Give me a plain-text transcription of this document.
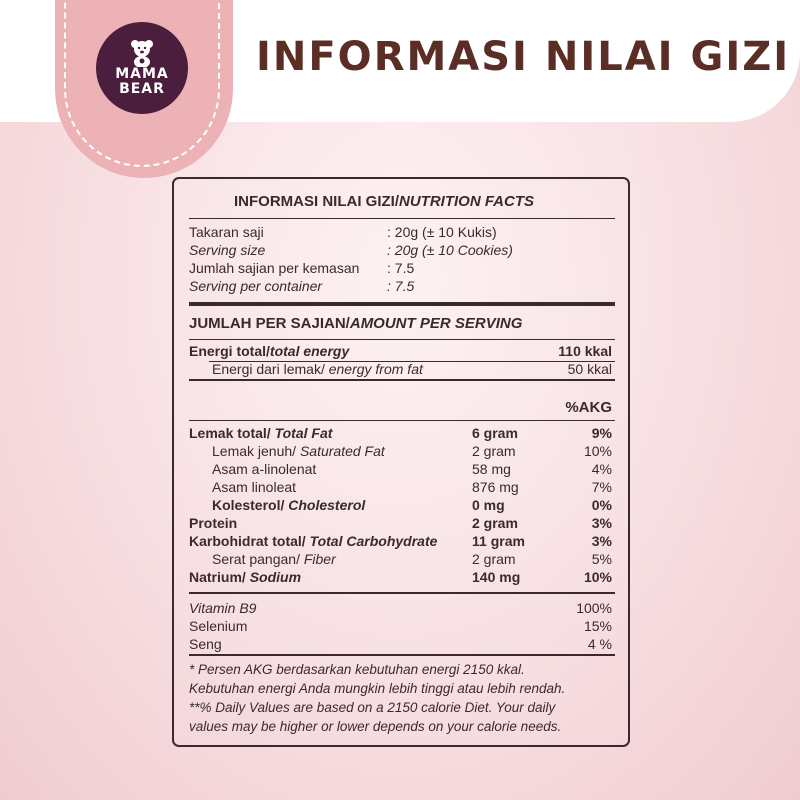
MAMA
BEAR
INFORMASI NILAI GIZI
INFORMASI NILAI GIZI/NUTRITION FACTS
JUMLAH PER SAJIAN/AMOUNT PER SERVING
Energi total/total energy	110 kkal
Energi dari lemak/ energy from fat	50 kkal
%AKG
Takaran saji	: 20g (± 10 Kukis)
Serving size	: 20g (± 10 Cookies)
Jumlah sajian per kemasan : 7.5
Serving per container	: 7.5
Lemak total/ Total Fat	6 gram	9%
Lemak jenuh/ Saturated Fat	2 gram	10%
Asam a-linolenat	58 mg	4%
Asam linoleat	876 mg	7%
Kolesterol/ Cholesterol	0 mg	0%
Protein	2 gram	3%
Karbohidrat total/ Total Carbohydrate 11 gram	3%
Serat pangan/ Fiber	2 gram	5%
Natrium/ Sodium	140 mg	10%
Vitamin B9	100%
Selenium	15%
Seng	4 %
* Persen AKG berdasarkan kebutuhan energi 2150 kkal.
Kebutuhan energi Anda mungkin lebih tinggi atau lebih rendah.
**% Daily Values are based on a 2150 calorie Diet. Your daily
values may be higher or lower depends on your calorie needs.
